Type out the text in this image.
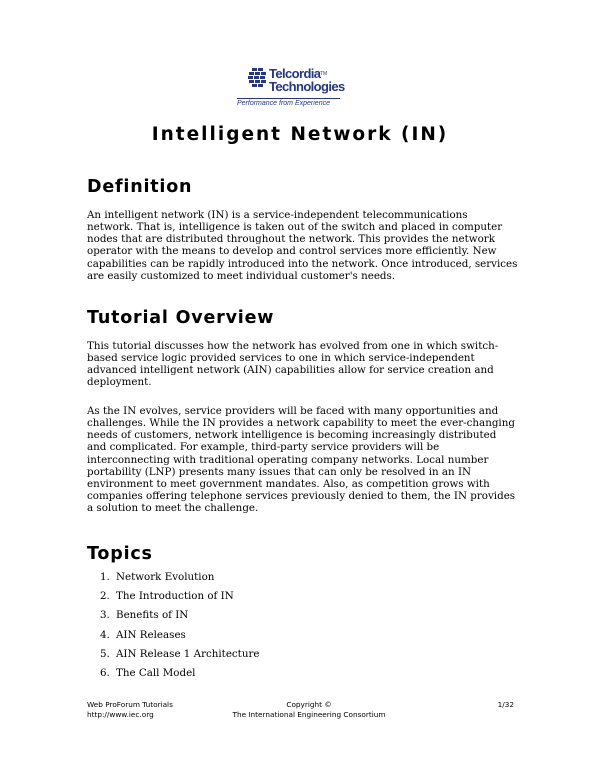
Telcordia TM
Technologies
Performance from Experience
Intelligent Network (IN)
Definition
An intelligent network (IN) is a service-independent telecommunications
network. That is, intelligence is taken out of the switch and placed in computer
nodes that are distributed throughout the network. This provides the network
operator with the means to develop and control services more efficiently. New
capabilities can be rapidly introduced into the network. Once introduced, services
are easily customized to meet individual customer's needs.
Tutorial Overview
This tutorial discusses how the network has evolved from one in which switch-
based service logic provided services to one in which service-independent
advanced intelligent network (AIN) capabilities allow for service creation and
deployment.
As the IN evolves, service providers will be faced with many opportunities and
challenges. While the IN provides a network capability to meet the ever-changing
needs of customers, network intelligence is becoming increasingly distributed
and complicated. For example, third-party service providers will be
interconnecting with traditional operating company networks. Local number
portability (LNP) presents many issues that can only be resolved in an IN
environment to meet government mandates. Also, as competition grows with
companies offering telephone services previously denied to them, the IN provides
a solution to meet the challenge.
Topics
1. Network Evolution
2. The Introduction of IN
3. Benefits of IN
4. AIN Releases
5. AIN Release 1 Architecture
6. The Call Model
Web ProForum Tutorials
http://www.iec.org
Copyright ©
The International Engineering Consortium
1/32
